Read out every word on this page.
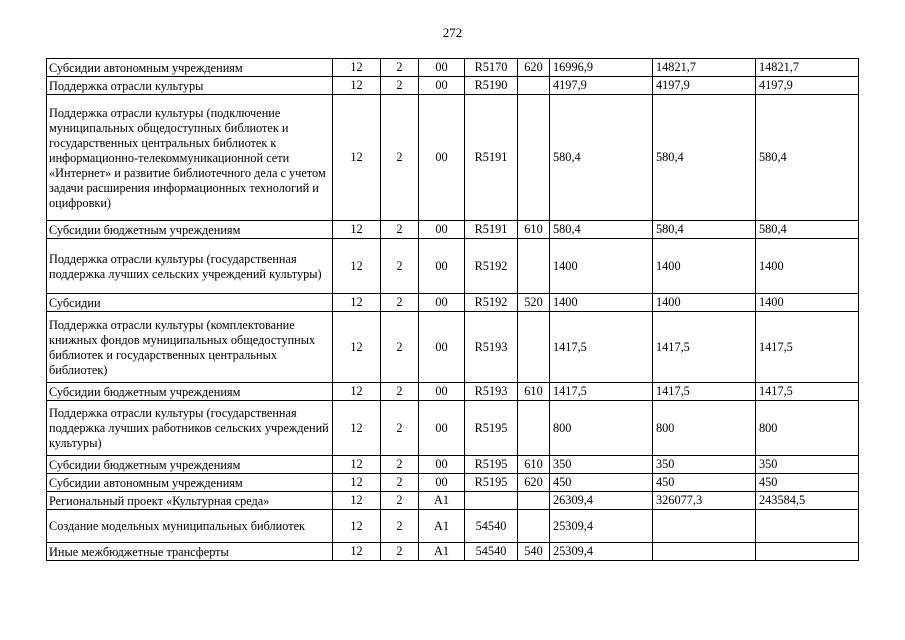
272
Субсидии автономным учреждениям	12	2	00	R5170	620	16996,9	14821,7	14821,7
Поддержка отрасли культуры	12	2	00	R5190		4197,9	4197,9	4197,9
Поддержка отрасли культуры (подключение муниципальных общедоступных библиотек и государственных центральных библиотек к информационно-телекоммуникационной сети «Интернет» и развитие библиотечного дела с учетом задачи расширения информационных технологий и оцифровки)	12	2	00	R5191		580,4	580,4	580,4
Субсидии бюджетным учреждениям	12	2	00	R5191	610	580,4	580,4	580,4
Поддержка отрасли культуры (государственная поддержка лучших сельских учреждений культуры)	12	2	00	R5192		1400	1400	1400
Субсидии	12	2	00	R5192	520	1400	1400	1400
Поддержка отрасли культуры (комплектование книжных фондов муниципальных общедоступных библиотек и государственных центральных библиотек)	12	2	00	R5193		1417,5	1417,5	1417,5
Субсидии бюджетным учреждениям	12	2	00	R5193	610	1417,5	1417,5	1417,5
Поддержка отрасли культуры (государственная поддержка лучших работников сельских учреждений культуры)	12	2	00	R5195		800	800	800
Субсидии бюджетным учреждениям	12	2	00	R5195	610	350	350	350
Субсидии автономным учреждениям	12	2	00	R5195	620	450	450	450
Региональный проект «Культурная среда»	12	2	А1			26309,4	326077,3	243584,5
Создание модельных муниципальных библиотек	12	2	А1	54540		25309,4		
Иные межбюджетные трансферты	12	2	А1	54540	540	25309,4		
